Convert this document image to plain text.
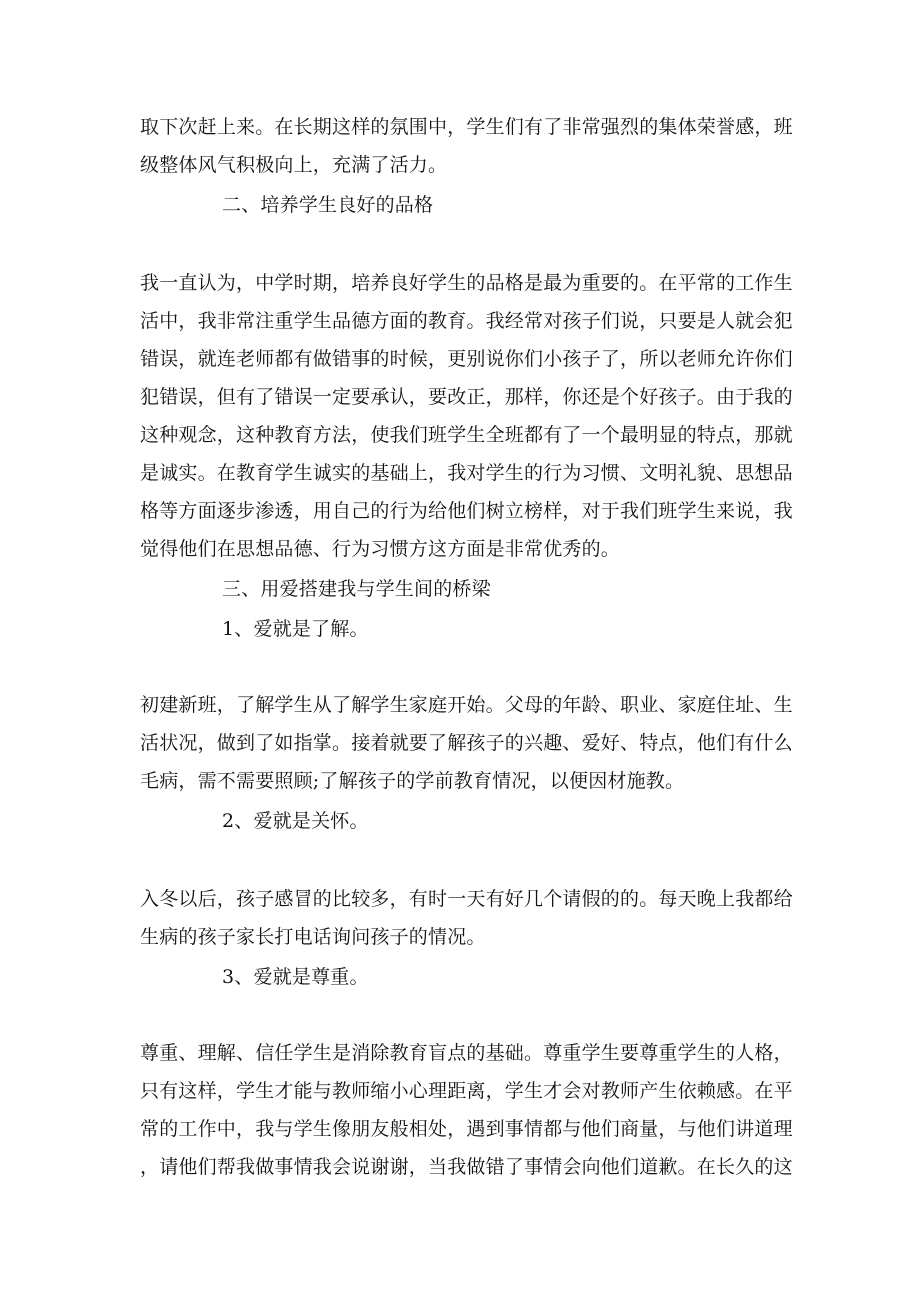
取下次赶上来。在长期这样的氛围中，学生们有了非常强烈的集体荣誉感，班
级整体风气积极向上，充满了活力。
二、培养学生良好的品格
我一直认为，中学时期，培养良好学生的品格是最为重要的。在平常的工作生
活中，我非常注重学生品德方面的教育。我经常对孩子们说，只要是人就会犯
错误，就连老师都有做错事的时候，更别说你们小孩子了，所以老师允许你们
犯错误，但有了错误一定要承认，要改正，那样，你还是个好孩子。由于我的
这种观念，这种教育方法，使我们班学生全班都有了一个最明显的特点，那就
是诚实。在教育学生诚实的基础上，我对学生的行为习惯、文明礼貌、思想品
格等方面逐步渗透，用自己的行为给他们树立榜样，对于我们班学生来说，我
觉得他们在思想品德、行为习惯方这方面是非常优秀的。
三、用爱搭建我与学生间的桥梁
1、爱就是了解。
初建新班，了解学生从了解学生家庭开始。父母的年龄、职业、家庭住址、生
活状况，做到了如指掌。接着就要了解孩子的兴趣、爱好、特点，他们有什么
毛病，需不需要照顾;了解孩子的学前教育情况，以便因材施教。
2、爱就是关怀。
入冬以后，孩子感冒的比较多，有时一天有好几个请假的的。每天晚上我都给
生病的孩子家长打电话询问孩子的情况。
3、爱就是尊重。
尊重、理解、信任学生是消除教育盲点的基础。尊重学生要尊重学生的人格，
只有这样，学生才能与教师缩小心理距离，学生才会对教师产生依赖感。在平
常的工作中，我与学生像朋友般相处，遇到事情都与他们商量，与他们讲道理
，请他们帮我做事情我会说谢谢，当我做错了事情会向他们道歉。在长久的这
